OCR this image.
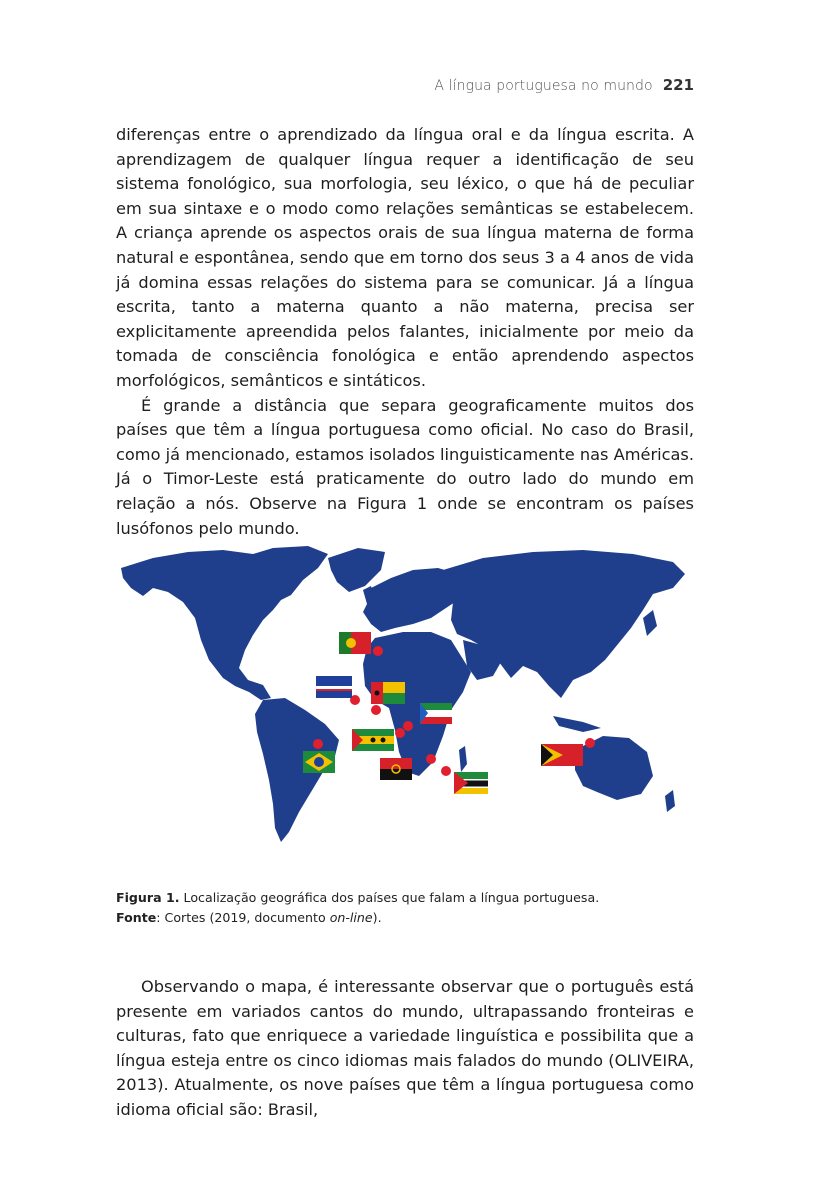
A língua portuguesa no mundo 221

diferenças entre o aprendizado da língua oral e da língua escrita. A aprendizagem de qualquer língua requer a identificação de seu sistema fonológico, sua morfologia, seu léxico, o que há de peculiar em sua sintaxe e o modo como relações semânticas se estabelecem. A criança aprende os aspectos orais de sua língua materna de forma natural e espontânea, sendo que em torno dos seus 3 a 4 anos de vida já domina essas relações do sistema para se comunicar. Já a língua escrita, tanto a materna quanto a não materna, precisa ser explicitamente apreendida pelos falantes, inicialmente por meio da tomada de consciência fonológica e então aprendendo aspectos morfológicos, semânticos e sintáticos.

É grande a distância que separa geograficamente muitos dos países que têm a língua portuguesa como oficial. No caso do Brasil, como já mencionado, estamos isolados linguisticamente nas Américas. Já o Timor-Leste está praticamente do outro lado do mundo em relação a nós. Observe na Figura 1 onde se encontram os países lusófonos pelo mundo.

Figura 1. Localização geográfica dos países que falam a língua portuguesa.
Fonte: Cortes (2019, documento on-line).

Observando o mapa, é interessante observar que o português está presente em variados cantos do mundo, ultrapassando fronteiras e culturas, fato que enriquece a variedade linguística e possibilita que a língua esteja entre os cinco idiomas mais falados do mundo (OLIVEIRA, 2013). Atualmente, os nove países que têm a língua portuguesa como idioma oficial são: Brasil,
